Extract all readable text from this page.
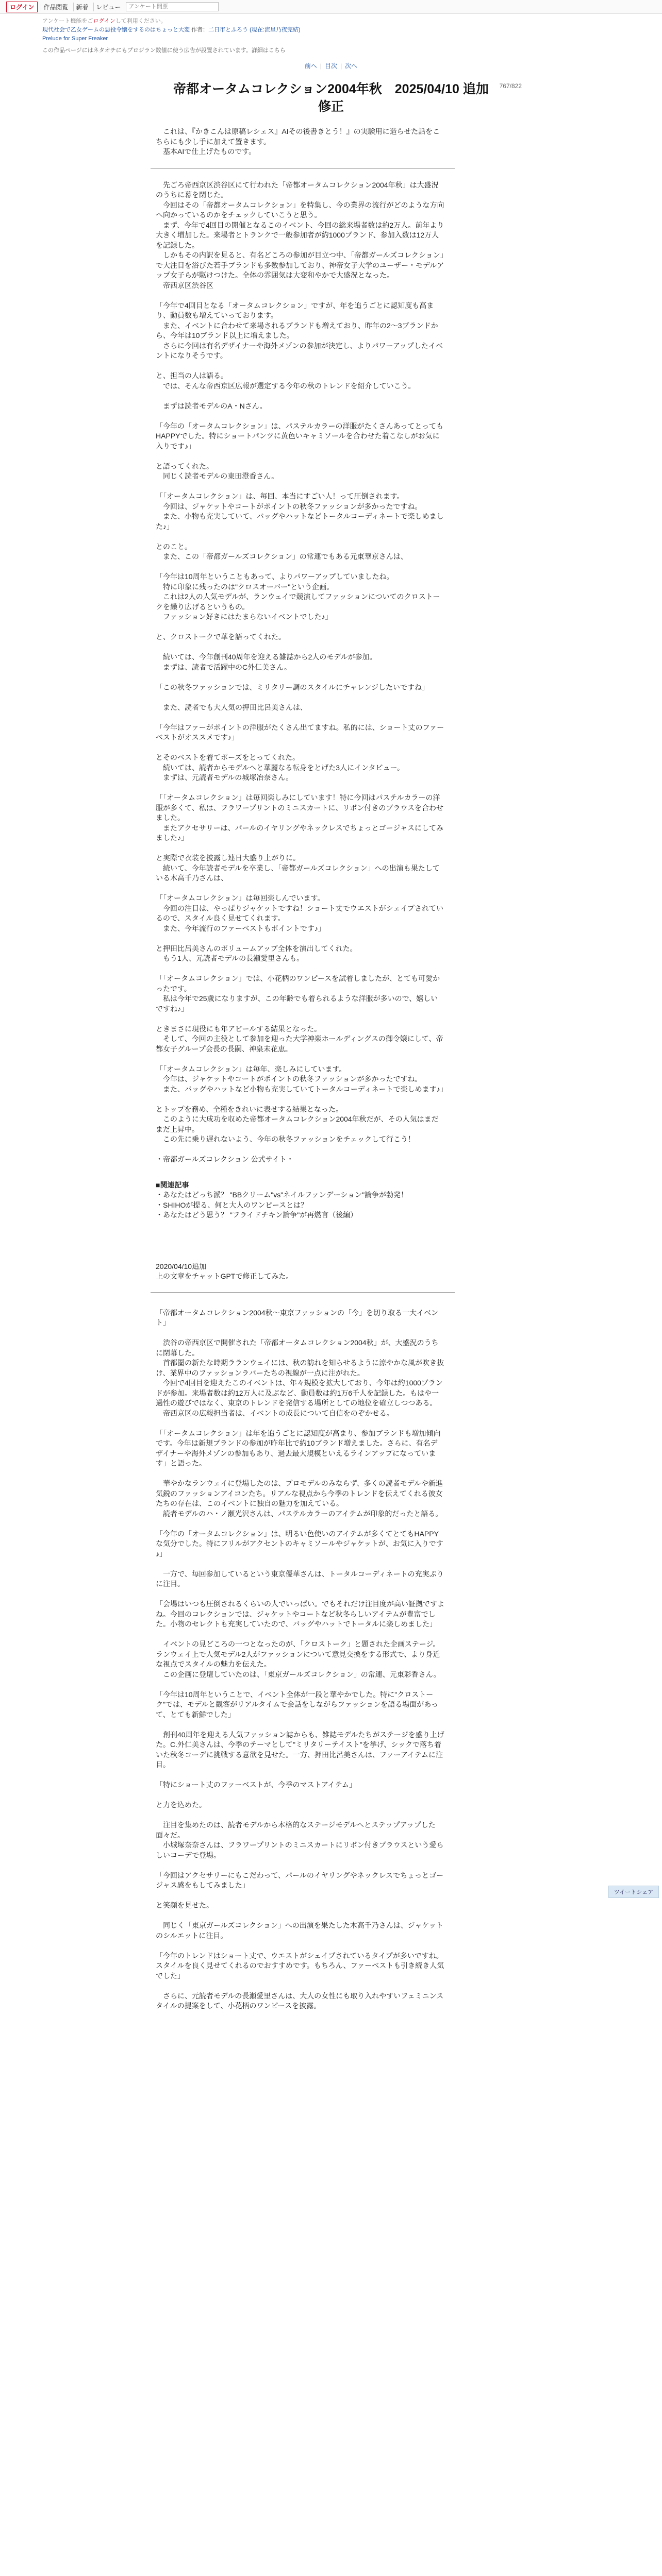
ログイン	作品閲覧	新着	レビュー
アンケート開票
アンケート機能をごログインして利用ください。
現代社会で乙女ゲームの悪役令嬢をするのはちょっと大変 作者：二日市とふろう (現在:流星乃夜完結)
Prelude for Super Freaker
この作品ページにはネタオチにもプロジラン数値に使う広告が設置されています。詳細はこちら
前へ | 目次 | 次へ
767/822
帝都オータムコレクション2004年秋　2025/04/10 追加
修正

　これは、『かきこんは原稿レシェス』AIその後書きとう！』の実験用に造らせた話をこちらにも少し手に加えて置きます。

　基本AIで仕上げたものです。

　先ごろ帝西京区渋谷区にて行われた「帝都オータムコレクション2004年秋」は大盛況のうちに幕を閉じた。

　今回はその「帝都オータムコレクション」を特集し、今の業界の流行がどのような方向へ向かっているのかをチェックしていこうと思う。

　まず、今年で4回目の開催となるこのイベント、今回の総来場者数は約2万人。前年より大きく増加した。来場者とトランクで一般参加者が約1000ブランド、参加入数は12万人を記録した。

　しかもその内訳を見ると、有名どころの参加が目立つ中、「帝都ガールズコレクション」で大注目を浴びた若手ブランドも多数参加しており、神帝女子大学のユーザー・モデルアップ女子らが駆けつけた。全体の雰囲気は大変和やかで大盛況となった。

　帝西京区渋谷区

「今年で4回目となる「オータムコレクション」ですが、年を追うごとに認知度も高まり、動員数も増えていっております。

　また、イベントに合わせて来場されるブランドも増えており、昨年の2〜3ブランドから、今年は10ブランド以上に増えました。

　さらに今回は有名デザイナーや海外メゾンの参加が決定し、よりパワーアップしたイベントになりそうです。

と、担当の人は語る。

　では、そんな帝西京区広報が選定する今年の秋のトレンドを紹介していこう。

　まずは読者モデルのA・Nさん。

「今年の「オータムコレクション」は、パステルカラーの洋服がたくさんあってとってもHAPPYでした。特にショートパンツに黄色いキャミソールを合わせた着こなしがお気に入りです♪」

と語ってくれた。

　同じく読者モデルの東田澄香さん。

「「オータムコレクション」は、毎回、本当にすごい人！って圧倒されます。

　今回は、ジャケットやコートがポイントの秋冬ファッションが多かったですね。

　また、小物も充実していて、バッグやハットなどトータルコーディネートで楽しめました♪」

とのこと。

　また、この「帝都ガールズコレクション」の常連でもある元東華京さんは、

「今年は10周年ということもあって、よりパワーアップしていましたね。

　特に印象に残ったのは"クロスオーバー"という企画。

　これは2人の人気モデルが、ランウェイで競演してファッションについてのクロストークを繰り広げるというもの。

　ファッション好きにはたまらないイベントでした♪」

と、クロストークで華を語ってくれた。

　続いては、今年創刊40周年を迎える雑誌から2人のモデルが参加。

　まずは、読者で活躍中のC外仁美さん。

「この秋冬ファッションでは、ミリタリー調のスタイルにチャレンジしたいですね」

　また、読者でも大人気の押田比呂美さんは、

「今年はファーがポイントの洋服がたくさん出てますね。私的には、ショート丈のファーベストがオススメです♪」

とそのベストを着てポーズをとってくれた。

　続いては、読者からモデルへと華麗なる転身をとげた3人にインタビュー。

　まずは、元読者モデルの城塚冶奈さん。

「「オータムコレクション」は毎回楽しみにしています！特に今回はパステルカラーの洋服が多くて、私は、フラワープリントのミニスカートに、リボン付きのブラウスを合わせました。

　またアクセサリーは、パールのイヤリングやネックレスでちょっとゴージャスにしてみました♪」

と実際で衣装を披露し連日大盛り上がりに。

　続いて、今年読者モデルを卒業し、「帝都ガールズコレクション」への出演も果たしている木高千乃さんは、

「「オータムコレクション」は毎回楽しんでいます。

　今回の注目は、やっぱりジャケットですね！ショート丈でウエストがシェイプされているので、スタイル良く見せてくれます。

　また、今年流行のファーベストもポイントです♪」

と押田比呂美さんのボリュームアップ全体を演出してくれた。

　もう1人、元読者モデルの長瀬愛里さんも。

「「オータムコレクション」では、小花柄のワンピースを試着しましたが、とても可愛かったです。

　私は今年で25歳になりますが、この年齢でも着られるような洋服が多いので、嬉しいですね♪」

ときまさに現役にも年アピールする結果となった。

　そして、今回の主役として参加を迎った大学神楽ホールディングスの御令嬢にして、帝都女子グループ会長の長嗣、神泉未花恵。

「「オータムコレクション」は毎年、楽しみにしています。

　今年は、ジャケットやコートがポイントの秋冬ファッションが多かったですね。

　また、バッグやハットなど小物も充実していてトータルコーディネートで楽しめます♪」

とトップを務め、全種をきれいに表せする結果となった。

　このように大成功を収めた帝都オータムコレクション2004年秋だが、その人気はまだまだ上昇中。

　この先に乗り遅れないよう、今年の秋冬ファッションをチェックして行こう！

・帝都ガールズコレクション 公式サイト・

■関連記事

・あなたはどっち派？ "BBクリーム"vs"ネイルファンデーション"論争が勃発！

・SHIHOが提る、何と大人のワンピースとは？

・あなたはどう思う？ "フライドチキン論争"が再燃言（後編）

2020/04/10追加

上の文章をチャットGPTで修正してみた。

「帝都オータムコレクション2004秋〜東京ファッションの「今」を切り取る一大イベント」

　渋谷の帝西京区で開催された「帝都オータムコレクション2004秋」が、大盛況のうちに閉幕した。

　首都圏の新たな時期ラランウェイには、秋の訪れを知らせるように涼やかな風が吹き抜け、業界中のファッションラバーたちの視線が一点に注がれた。

　今回で4回目を迎えたこのイベントは、年々規模を拡大しており、今年は約1000ブランドが参加。来場者数は約12万人に及ぶなど、動員数は約1万6千人を記録した。もはや一過性の遊びではなく、東京のトレンドを発信する場所としての地位を確立しつつある。

　帝西京区の広報担当者は、イベントの成長について自信をのぞかせる。

「「オータムコレクション」は年を追うごとに認知度が高まり、参加ブランドも増加傾向です。今年は新規ブランドの参加が昨年比で約10ブランド増えました。さらに、有名デザイナーや海外メゾンの参加もあり、過去最大規模といえるラインアップになっています」と語った。

　華やかなランウェイに登場したのは、プロモデルのみならず、多くの読者モデルや新進気鋭のファッションアイコンたち。リアルな視点から今季のトレンドを伝えてくれる彼女たちの存在は、このイベントに独自の魅力を加えている。

　読者モデルのハ・ノ瀬光沢さんは、パステルカラーのアイテムが印象的だったと語る。

「今年の「オータムコレクション」は、明るい色使いのアイテムが多くてとてもHAPPYな気分でした。特にフリルがアクセントのキャミソールやジャケットが、お気に入りです♪」

　一方で、毎回参加しているという東京優華さんは、トータルコーディネートの充実ぶりに注目。

「会場はいつも圧倒されるくらいの人でいっぱい。でもそれだけ注目度が高い証拠ですよね。今回のコレクションでは、ジャケットやコートなど秋冬らしいアイテムが豊富でした。小物のセレクトも充実していたので、バッグやハットでトータルに楽しめました」

　イベントの見どころの一つとなったのが、「クロストーク」と題された企画ステージ。ランウェイ上で人気モデル2人がファッションについて意見交換をする形式で、より身近な視点でスタイルの魅力を伝えた。

　この企画に登壇していたのは、「東京ガールズコレクション」の常連、元東彩香さん。

「今年は10周年ということで、イベント全体が一段と華やかでした。特に"クロストーク"では、モデルと観客がリアルタイムで会話をしながらファッションを語る場面があって、とても新鮮でした」

　創刊40周年を迎える人気ファッション誌からも、雑誌モデルたちがステージを盛り上げた。C.外仁美さんは、今季のテーマとして"ミリタリーテイスト"を挙げ、シックで落ち着いた秋冬コーデに挑戦する意欲を見せた。一方、押田比呂美さんは、ファーアイテムに注目。

「特にショート丈のファーベストが、今季のマストアイテム」

と力を込めた。

　注目を集めたのは、読者モデルから本格的なステージモデルへとステップアップした面々だ。

　小城塚奈奈さんは、フラワープリントのミニスカートにリボン付きブラウスという愛らしいコーデで登場。

「今回はアクセサリーにもこだわって、パールのイヤリングやネックレスでちょっとゴージャス感をもしてみました」

と笑顔を見せた。

　同じく「東京ガールズコレクション」への出演を果たした木高千乃さんは、ジャケットのシルエットに注目。

「今年のトレンドはショート丈で、ウエストがシェイプされているタイプが多いですね。スタイルを良く見せてくれるのでおすすめです。もちろん、ファーベストも引き続き人気でした」

　さらに、元読者モデルの長瀬愛里さんは、大人の女性にも取り入れやすいフェミニンスタイルの提案をして、小花柄のワンピースを披露。

ツイートシェア
